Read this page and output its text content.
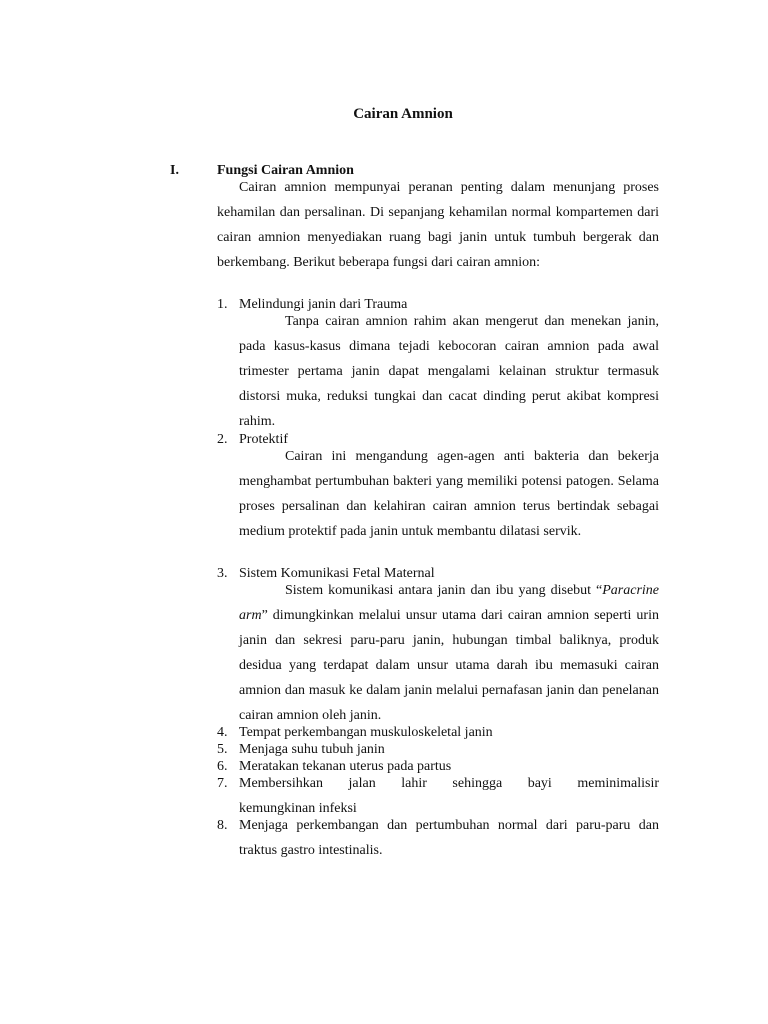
Cairan Amnion
I.	Fungsi Cairan Amnion

Cairan amnion mempunyai peranan penting dalam menunjang proses kehamilan dan persalinan. Di sepanjang kehamilan normal kompartemen dari cairan amnion menyediakan ruang bagi janin untuk tumbuh bergerak dan berkembang. Berikut beberapa fungsi dari cairan amnion:

1. Melindungi janin dari Trauma

Tanpa cairan amnion rahim akan mengerut dan menekan janin, pada kasus-kasus dimana tejadi kebocoran cairan amnion pada awal trimester pertama janin dapat mengalami kelainan struktur termasuk distorsi muka, reduksi tungkai dan cacat dinding perut akibat kompresi rahim.

2. Protektif

Cairan ini mengandung agen-agen anti bakteria dan bekerja menghambat pertumbuhan bakteri yang memiliki potensi patogen. Selama proses persalinan dan kelahiran cairan amnion terus bertindak sebagai medium protektif pada janin untuk membantu dilatasi servik.

3. Sistem Komunikasi Fetal Maternal

Sistem komunikasi antara janin dan ibu yang disebut “Paracrine arm” dimungkinkan melalui unsur utama dari cairan amnion seperti urin janin dan sekresi paru-paru janin, hubungan timbal baliknya, produk desidua yang terdapat dalam unsur utama darah ibu memasuki cairan amnion dan masuk ke dalam janin melalui pernafasan janin dan penelanan cairan amnion oleh janin.

4. Tempat perkembangan muskuloskeletal janin
5. Menjaga suhu tubuh janin
6. Meratakan tekanan uterus pada partus
7. Membersihkan jalan lahir sehingga bayi meminimalisir
kemungkinan infeksi
8. Menjaga perkembangan dan pertumbuhan normal dari paru-paru dan traktus gastro intestinalis.
